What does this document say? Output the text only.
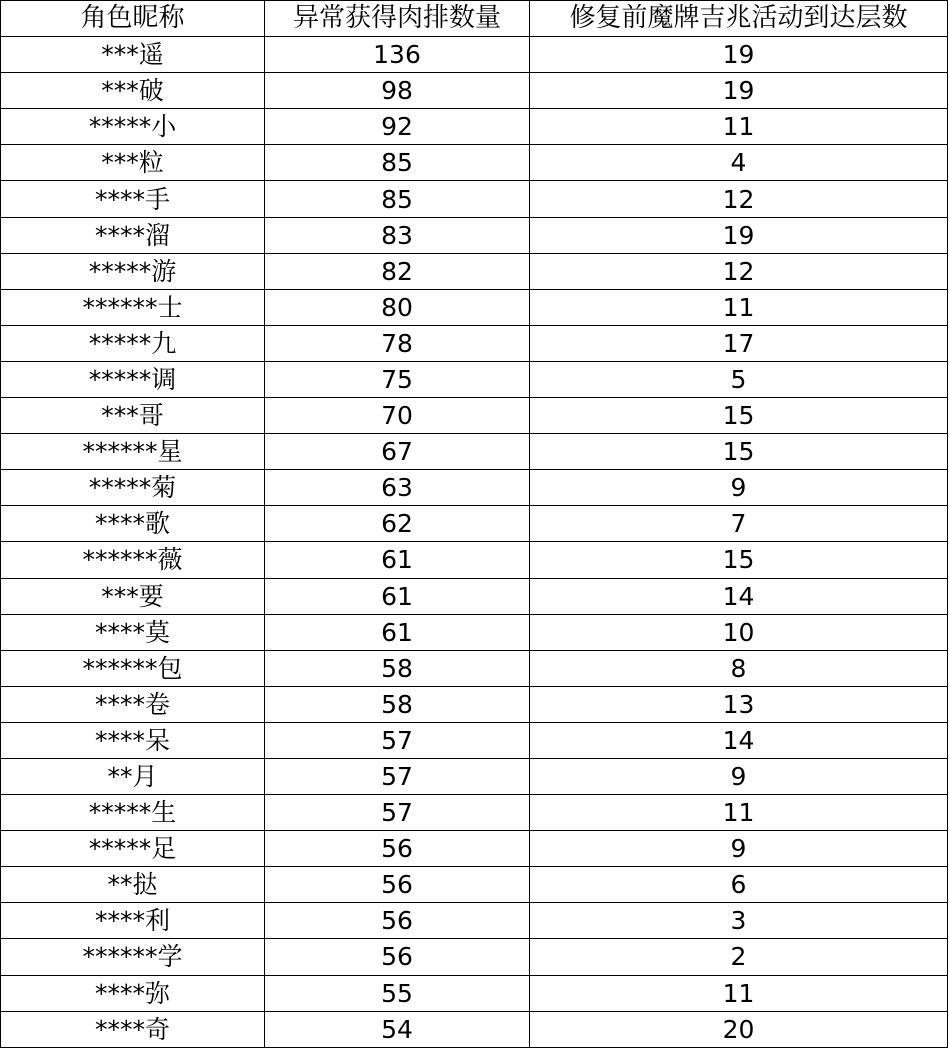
角色昵称	异常获得肉排数量	修复前魔牌吉兆活动到达层数
***遥	136	19
***破	98	19
*****小	92	11
***粒	85	4
****手	85	12
****溜	83	19
*****游	82	12
******士	80	11
*****九	78	17
*****调	75	5
***哥	70	15
******星	67	15
*****菊	63	9
****歌	62	7
******薇	61	15
***要	61	14
****莫	61	10
******包	58	8
****卷	58	13
****呆	57	14
**月	57	9
*****生	57	11
*****足	56	9
**挞	56	6
****利	56	3
******学	56	2
****弥	55	11
****奇	54	20
